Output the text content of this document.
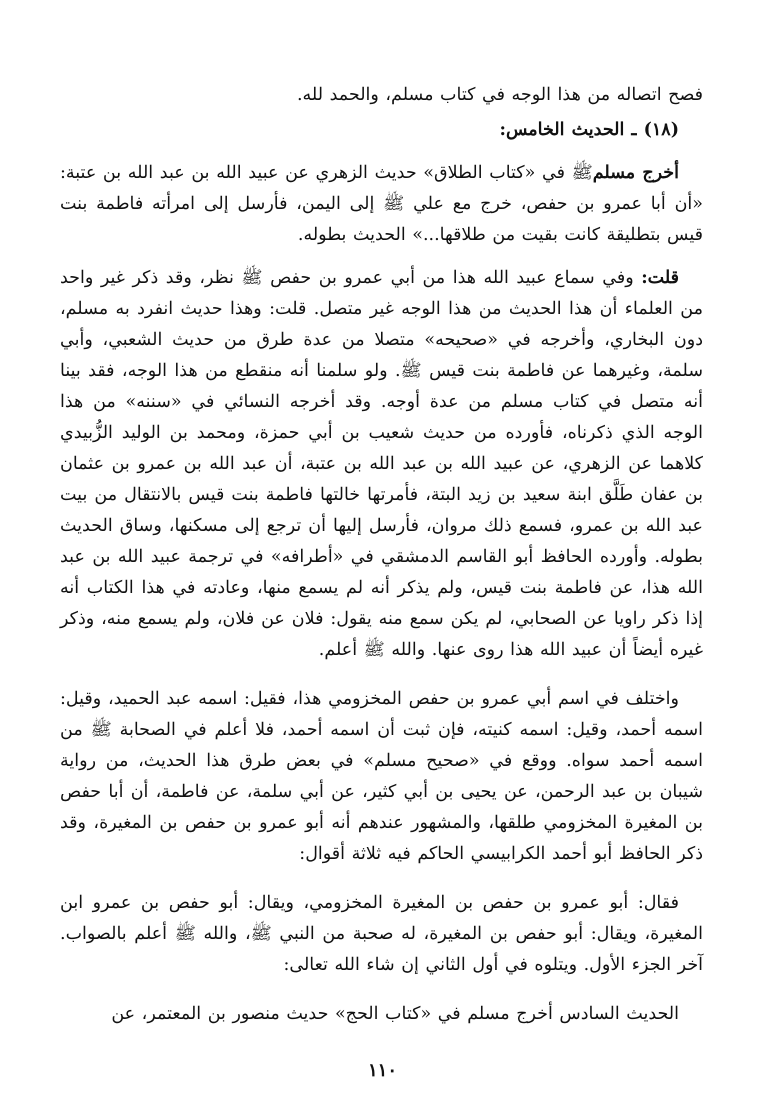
فصح اتصاله من هذا الوجه في كتاب مسلم، والحمد لله.

(١٨) ـ الحديث الخامس:

أخرج مسلمﷺ في «كتاب الطلاق» حديث الزهري عن عبيد الله بن عبد الله بن عتبة: «أن أبا عمرو بن حفص، خرج مع علي ﷺ إلى اليمن، فأرسل إلى امرأته فاطمة بنت قيس بتطليقة كانت بقيت من طلاقها...» الحديث بطوله.

قلت: وفي سماع عبيد الله هذا من أبي عمرو بن حفص ﷺ نظر، وقد ذكر غير واحد من العلماء أن هذا الحديث من هذا الوجه غير متصل. قلت: وهذا حديث انفرد به مسلم، دون البخاري، وأخرجه في «صحيحه» متصلا من عدة طرق من حديث الشعبي، وأبي سلمة، وغيرهما عن فاطمة بنت قيس ﷺ. ولو سلمنا أنه منقطع من هذا الوجه، فقد بينا أنه متصل في كتاب مسلم من عدة أوجه. وقد أخرجه النسائي في «سننه» من هذا الوجه الذي ذكرناه، فأورده من حديث شعيب بن أبي حمزة، ومحمد بن الوليد الزُّبيدي كلاهما عن الزهري، عن عبيد الله بن عبد الله بن عتبة، أن عبد الله بن عمرو بن عثمان بن عفان طَلَّق ابنة سعيد بن زيد البتة، فأمرتها خالتها فاطمة بنت قيس بالانتقال من بيت عبد الله بن عمرو، فسمع ذلك مروان، فأرسل إليها أن ترجع إلى مسكنها، وساق الحديث بطوله. وأورده الحافظ أبو القاسم الدمشقي في «أطرافه» في ترجمة عبيد الله بن عبد الله هذا، عن فاطمة بنت قيس، ولم يذكر أنه لم يسمع منها، وعادته في هذا الكتاب أنه إذا ذكر راويا عن الصحابي، لم يكن سمع منه يقول: فلان عن فلان، ولم يسمع منه، وذكر غيره أيضاً أن عبيد الله هذا روى عنها. والله ﷺ أعلم.

واختلف في اسم أبي عمرو بن حفص المخزومي هذا، فقيل: اسمه عبد الحميد، وقيل: اسمه أحمد، وقيل: اسمه كنيته، فإن ثبت أن اسمه أحمد، فلا أعلم في الصحابة ﷺ من اسمه أحمد سواه. ووقع في «صحيح مسلم» في بعض طرق هذا الحديث، من رواية شيبان بن عبد الرحمن، عن يحيى بن أبي كثير، عن أبي سلمة، عن فاطمة، أن أبا حفص بن المغيرة المخزومي طلقها، والمشهور عندهم أنه أبو عمرو بن حفص بن المغيرة، وقد ذكر الحافظ أبو أحمد الكرابيسي الحاكم فيه ثلاثة أقوال:

فقال: أبو عمرو بن حفص بن المغيرة المخزومي، ويقال: أبو حفص بن عمرو ابن المغيرة، ويقال: أبو حفص بن المغيرة، له صحبة من النبي ﷺ، والله ﷺ أعلم بالصواب. آخر الجزء الأول. ويتلوه في أول الثاني إن شاء الله تعالى:

الحديث السادس أخرج مسلم في «كتاب الحج» حديث منصور بن المعتمر، عن

١١٠
